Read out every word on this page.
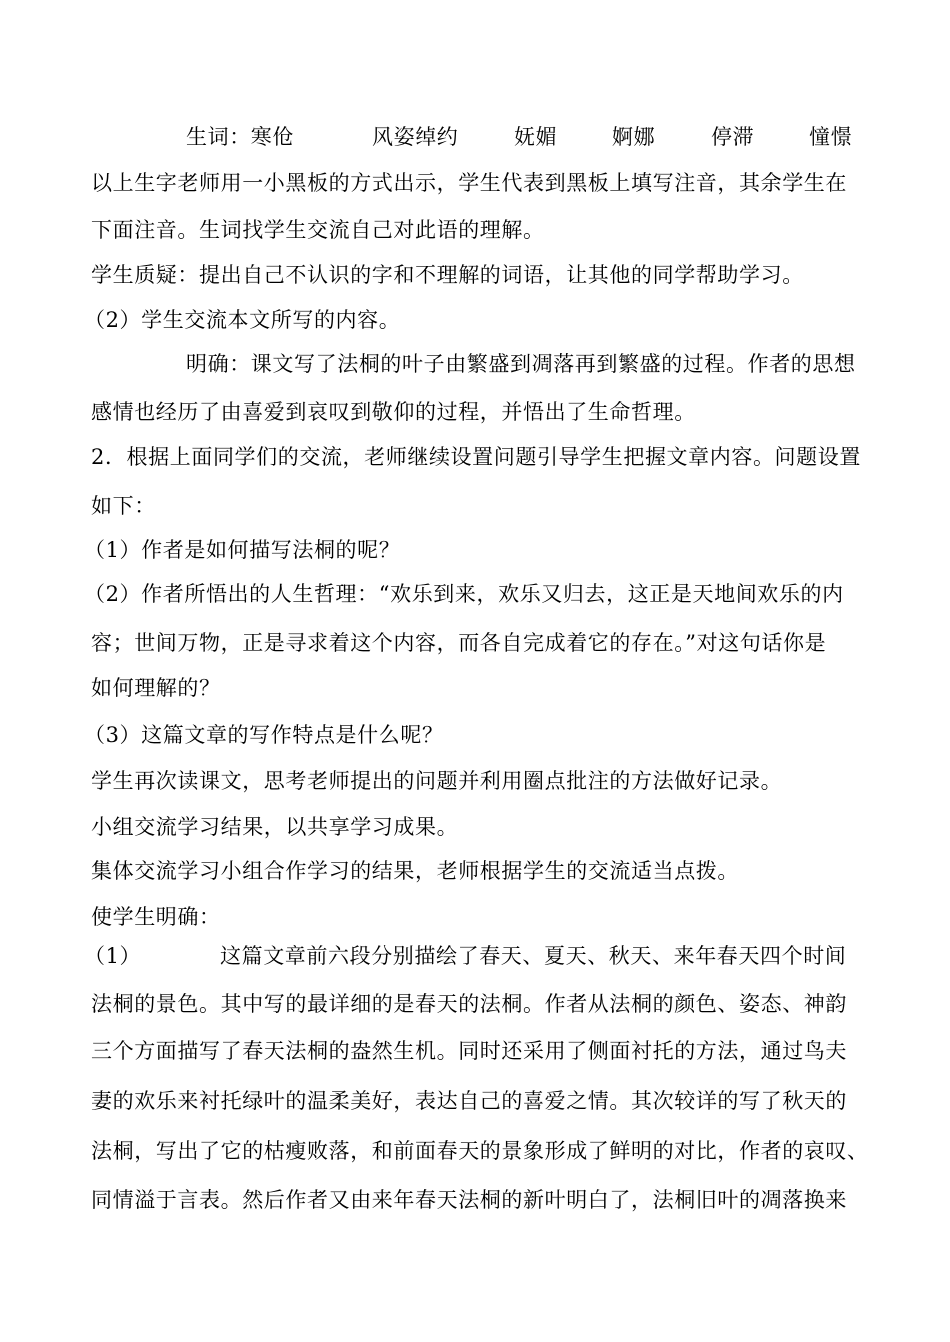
生词：寒伧	风姿绰约	妩媚	婀娜	停滞	憧憬
以上生字老师用一小黑板的方式出示，学生代表到黑板上填写注音，其余学生在
下面注音。生词找学生交流自己对此语的理解。
学生质疑：提出自己不认识的字和不理解的词语，让其他的同学帮助学习。
（2）学生交流本文所写的内容。
明确：课文写了法桐的叶子由繁盛到凋落再到繁盛的过程。作者的思想
感情也经历了由喜爱到哀叹到敬仰的过程，并悟出了生命哲理。
2．根据上面同学们的交流，老师继续设置问题引导学生把握文章内容。问题设置
如下：
（1）作者是如何描写法桐的呢？
（2）作者所悟出的人生哲理：“欢乐到来，欢乐又归去，这正是天地间欢乐的内
容；世间万物，正是寻求着这个内容，而各自完成着它的存在。”对这句话你是
如何理解的？
（3）这篇文章的写作特点是什么呢？
学生再次读课文，思考老师提出的问题并利用圈点批注的方法做好记录。
小组交流学习结果，以共享学习成果。
集体交流学习小组合作学习的结果，老师根据学生的交流适当点拨。
使学生明确：
（1）	这篇文章前六段分别描绘了春天、夏天、秋天、来年春天四个时间
法桐的景色。其中写的最详细的是春天的法桐。作者从法桐的颜色、姿态、神韵
三个方面描写了春天法桐的盎然生机。同时还采用了侧面衬托的方法，通过鸟夫
妻的欢乐来衬托绿叶的温柔美好，表达自己的喜爱之情。其次较详的写了秋天的
法桐，写出了它的枯瘦败落，和前面春天的景象形成了鲜明的对比，作者的哀叹、
同情溢于言表。然后作者又由来年春天法桐的新叶明白了，法桐旧叶的凋落换来
